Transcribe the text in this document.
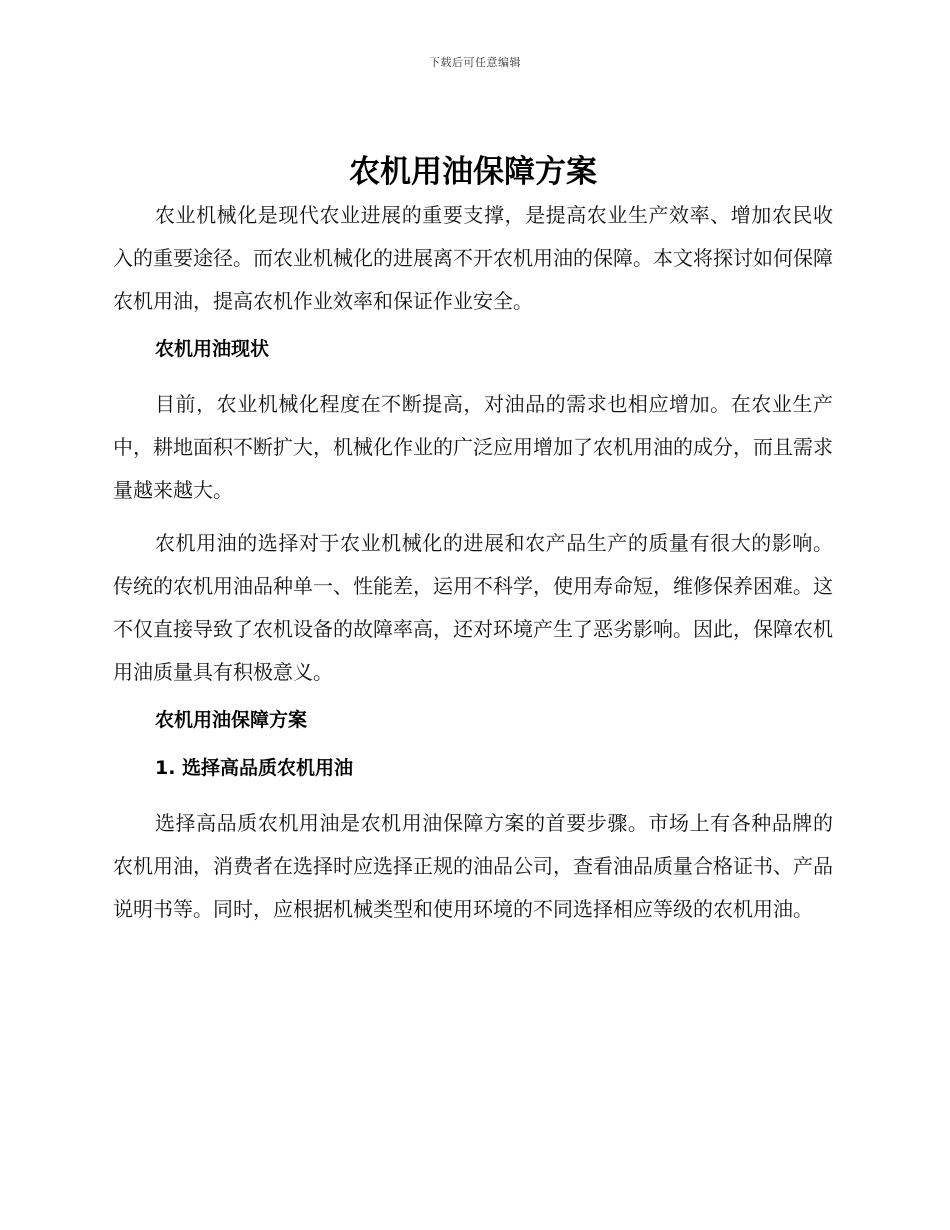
下载后可任意编辑
农机用油保障方案

农业机械化是现代农业进展的重要支撑，是提高农业生产效率、增加农民收入的重要途径。而农业机械化的进展离不开农机用油的保障。本文将探讨如何保障农机用油，提高农机作业效率和保证作业安全。

农机用油现状

目前，农业机械化程度在不断提高，对油品的需求也相应增加。在农业生产中，耕地面积不断扩大，机械化作业的广泛应用增加了农机用油的成分，而且需求量越来越大。

农机用油的选择对于农业机械化的进展和农产品生产的质量有很大的影响。传统的农机用油品种单一、性能差，运用不科学，使用寿命短，维修保养困难。这不仅直接导致了农机设备的故障率高，还对环境产生了恶劣影响。因此，保障农机用油质量具有积极意义。

农机用油保障方案
1. 选择高品质农机用油

选择高品质农机用油是农机用油保障方案的首要步骤。市场上有各种品牌的农机用油，消费者在选择时应选择正规的油品公司，查看油品质量合格证书、产品说明书等。同时，应根据机械类型和使用环境的不同选择相应等级的农机用油。
